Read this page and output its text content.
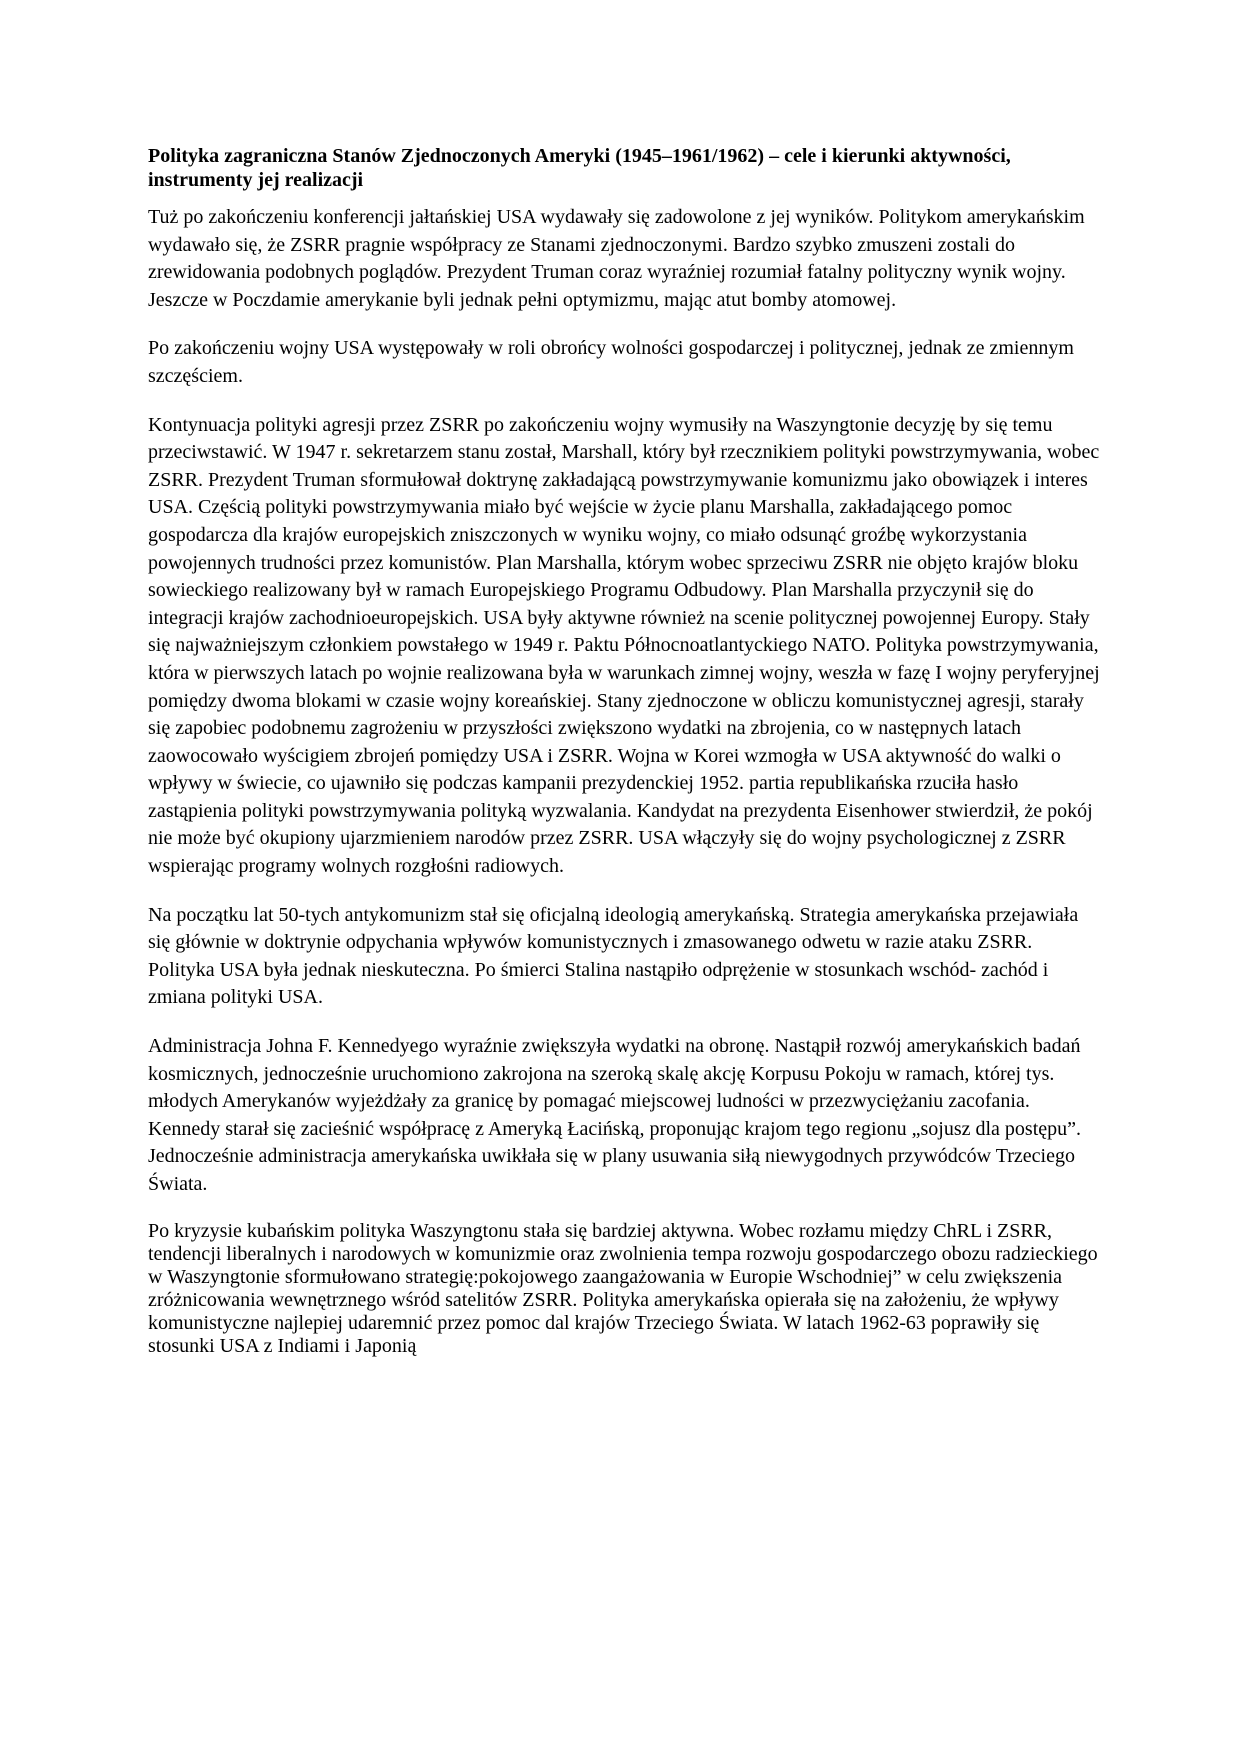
Polityka zagraniczna Stanów Zjednoczonych Ameryki (1945–1961/1962) – cele i kierunki aktywności, instrumenty jej realizacji

Tuż po zakończeniu konferencji jałtańskiej USA wydawały się zadowolone z jej wyników. Politykom amerykańskim wydawało się, że ZSRR pragnie współpracy ze Stanami zjednoczonymi. Bardzo szybko zmuszeni zostali do zrewidowania podobnych poglądów. Prezydent Truman coraz wyraźniej rozumiał fatalny polityczny wynik wojny. Jeszcze w Poczdamie amerykanie byli jednak pełni optymizmu, mając atut bomby atomowej.

Po zakończeniu wojny USA występowały w roli obrońcy wolności gospodarczej i politycznej, jednak ze zmiennym szczęściem.

Kontynuacja polityki agresji przez ZSRR po zakończeniu wojny wymusiły na Waszyngtonie decyzję by się temu przeciwstawić. W 1947 r. sekretarzem stanu został, Marshall, który był rzecznikiem polityki powstrzymywania, wobec ZSRR. Prezydent Truman sformułował doktrynę zakładającą powstrzymywanie komunizmu jako obowiązek i interes USA. Częścią polityki powstrzymywania miało być wejście w życie planu Marshalla, zakładającego pomoc gospodarcza dla krajów europejskich zniszczonych w wyniku wojny, co miało odsunąć groźbę wykorzystania powojennych trudności przez komunistów. Plan Marshalla, którym wobec sprzeciwu ZSRR nie objęto krajów bloku sowieckiego realizowany był w ramach Europejskiego Programu Odbudowy. Plan Marshalla przyczynił się do integracji krajów zachodnioeuropejskich. USA były aktywne również na scenie politycznej powojennej Europy. Stały się najważniejszym członkiem powstałego w 1949 r. Paktu Północnoatlantyckiego NATO. Polityka powstrzymywania, która w pierwszych latach po wojnie realizowana była w warunkach zimnej wojny, weszła w fazę I wojny peryferyjnej pomiędzy dwoma blokami w czasie wojny koreańskiej. Stany zjednoczone w obliczu komunistycznej agresji, starały się zapobiec podobnemu zagrożeniu w przyszłości zwiększono wydatki na zbrojenia, co w następnych latach zaowocowało wyścigiem zbrojeń pomiędzy USA i ZSRR. Wojna w Korei wzmogła w USA aktywność do walki o wpływy w świecie, co ujawniło się podczas kampanii prezydenckiej 1952. partia republikańska rzuciła hasło zastąpienia polityki powstrzymywania polityką wyzwalania. Kandydat na prezydenta Eisenhower stwierdził, że pokój nie może być okupiony ujarzmieniem narodów przez ZSRR. USA włączyły się do wojny psychologicznej z ZSRR wspierając programy wolnych rozgłośni radiowych.

Na początku lat 50-tych antykomunizm stał się oficjalną ideologią amerykańską. Strategia amerykańska przejawiała się głównie w doktrynie odpychania wpływów komunistycznych i zmasowanego odwetu w razie ataku ZSRR. Polityka USA była jednak nieskuteczna. Po śmierci Stalina nastąpiło odprężenie w stosunkach wschód- zachód i zmiana polityki USA.

Administracja Johna F. Kennedyego wyraźnie zwiększyła wydatki na obronę. Nastąpił rozwój amerykańskich badań kosmicznych, jednocześnie uruchomiono zakrojona na szeroką skalę akcję Korpusu Pokoju w ramach, której tys. młodych Amerykanów wyjeżdżały za granicę by pomagać miejscowej ludności w przezwyciężaniu zacofania. Kennedy starał się zacieśnić współpracę z Ameryką Łacińską, proponując krajom tego regionu „sojusz dla postępu”. Jednocześnie administracja amerykańska uwikłała się w plany usuwania siłą niewygodnych przywódców Trzeciego Świata.

Po kryzysie kubańskim polityka Waszyngtonu stała się bardziej aktywna. Wobec rozłamu między ChRL i ZSRR, tendencji liberalnych i narodowych w komunizmie oraz zwolnienia tempa rozwoju gospodarczego obozu radzieckiego w Waszyngtonie sformułowano strategię:pokojowego zaangażowania w Europie Wschodniej” w celu zwiększenia zróżnicowania wewnętrznego wśród satelitów ZSRR. Polityka amerykańska opierała się na założeniu, że wpływy komunistyczne najlepiej udaremnić przez pomoc dal krajów Trzeciego Świata. W latach 1962-63 poprawiły się stosunki USA z Indiami i Japonią
